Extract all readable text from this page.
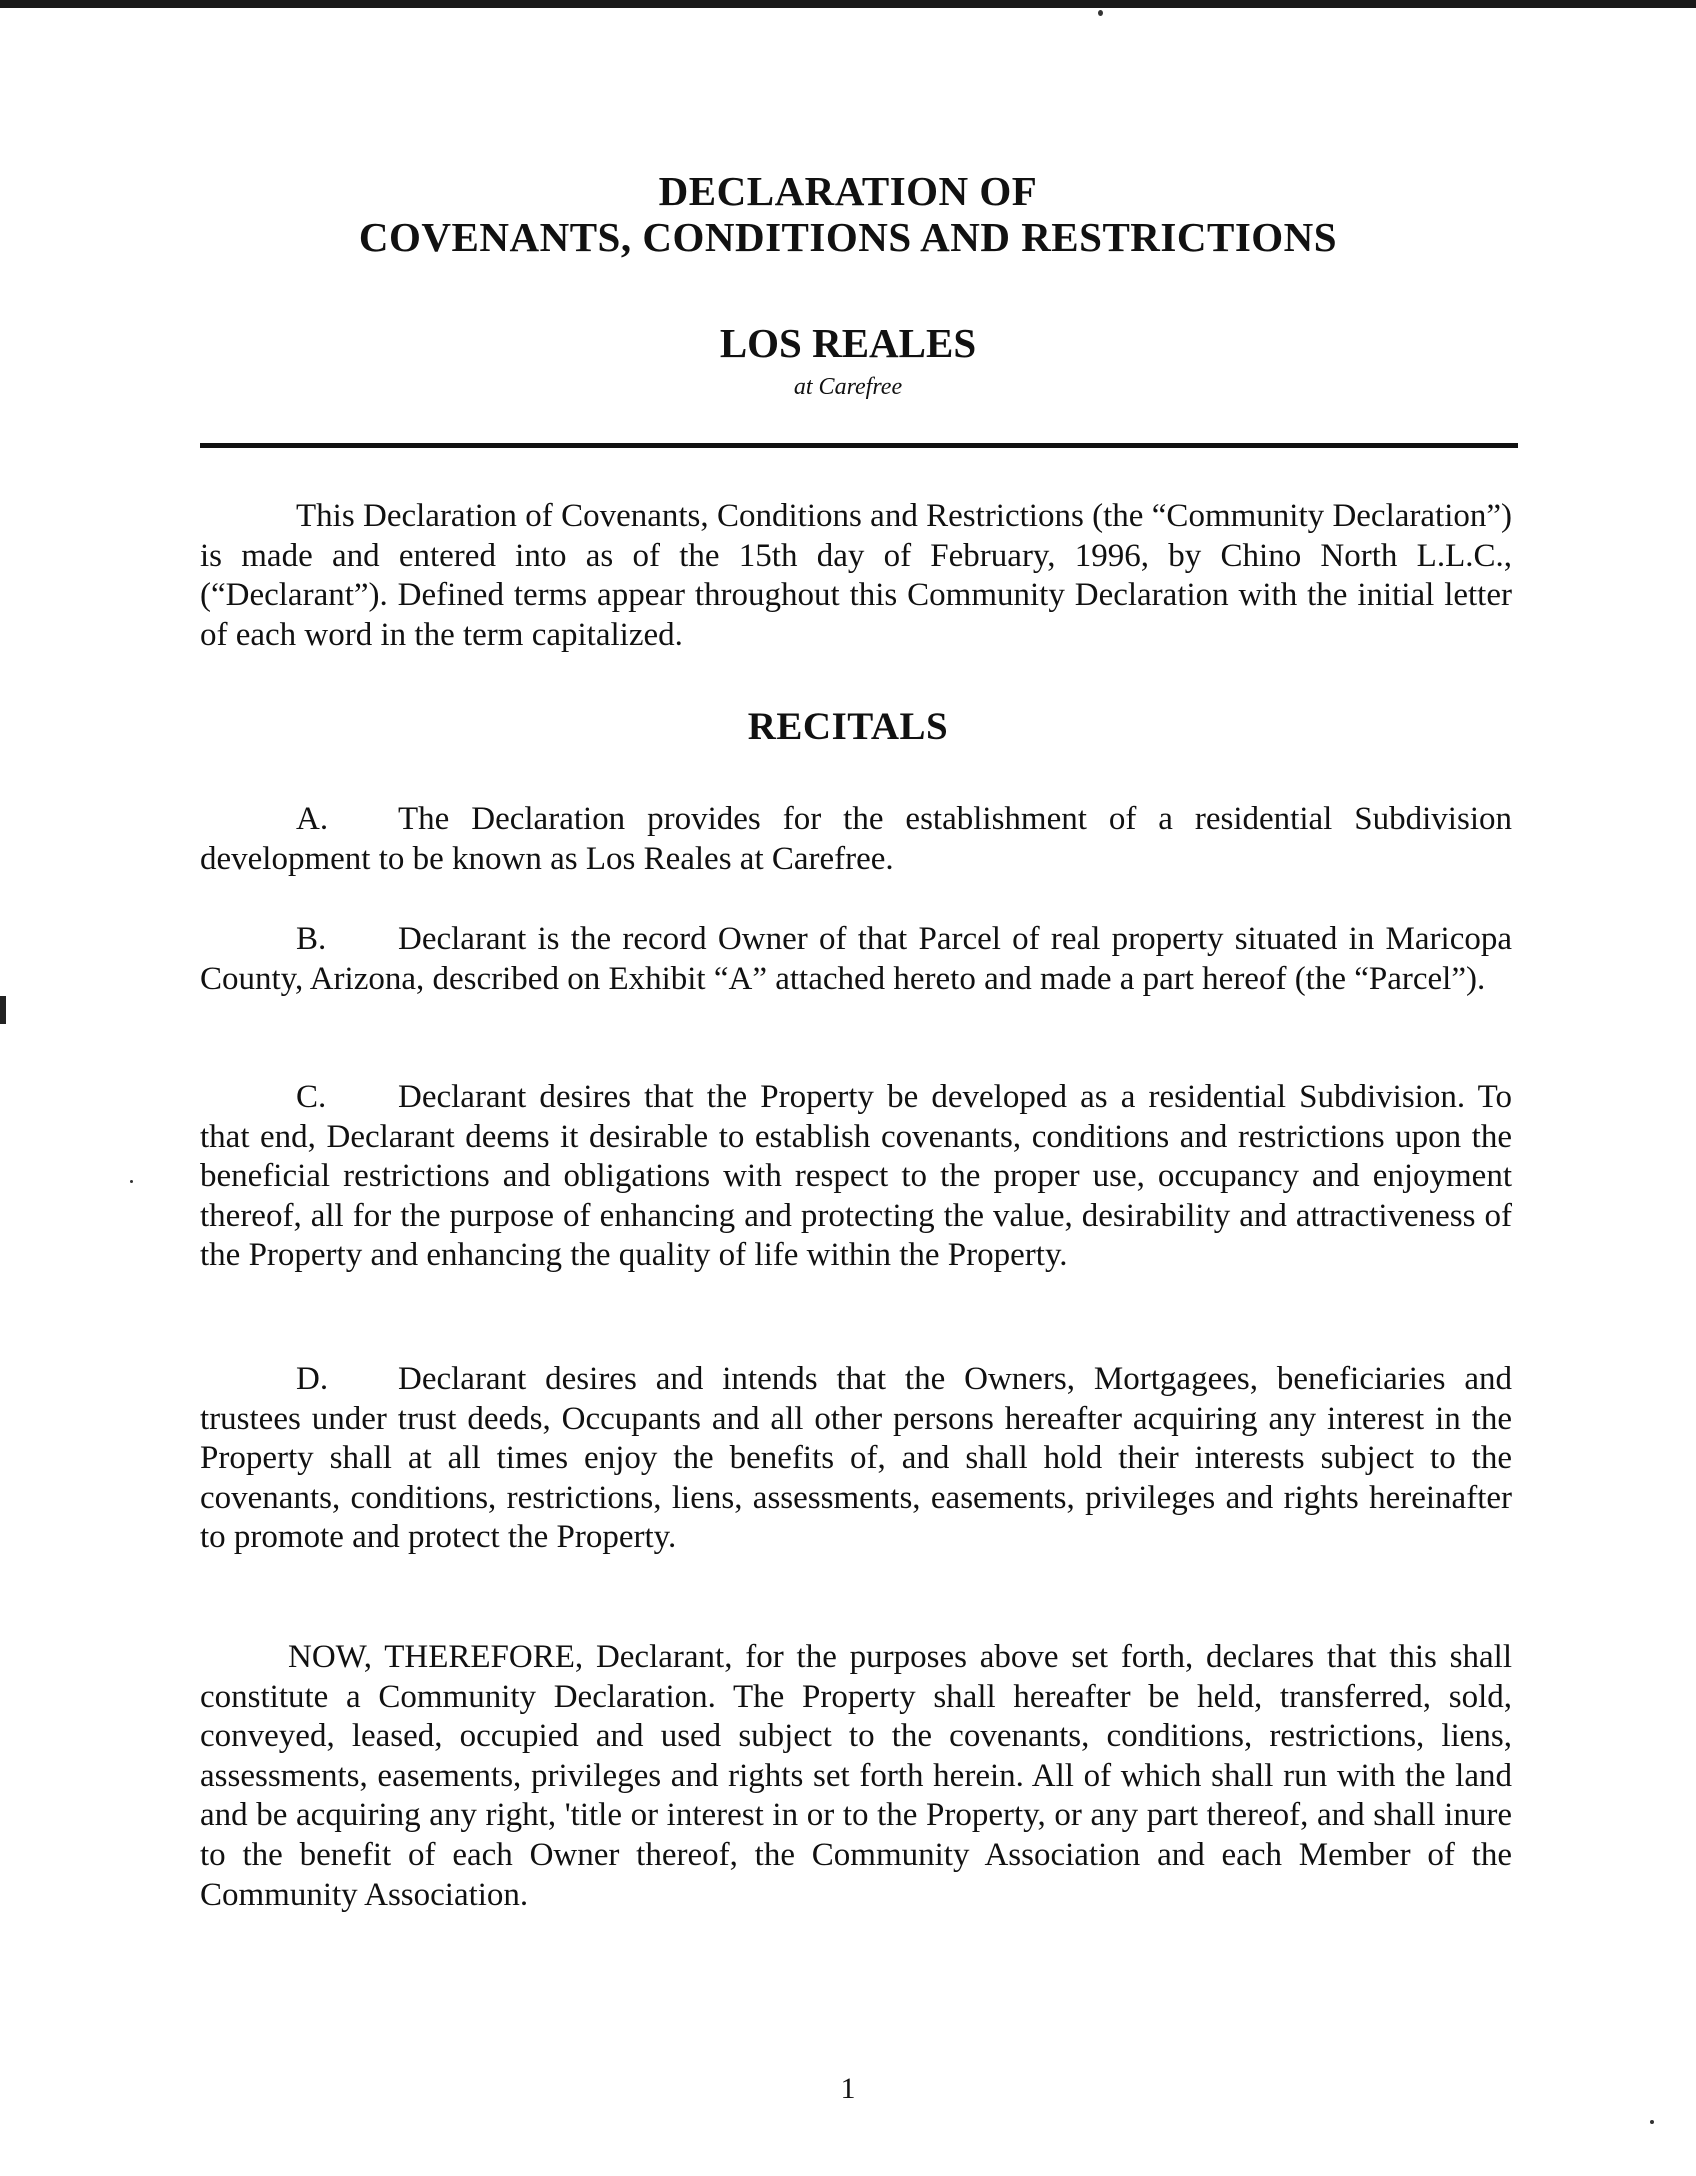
DECLARATION OF
COVENANTS, CONDITIONS AND RESTRICTIONS
LOS REALES
at Carefree

This Declaration of Covenants, Conditions and Restrictions (the “Community Declaration”) is made and entered into as of the 15th day of February, 1996, by Chino North L.L.C., (“Declarant”). Defined terms appear throughout this Community Declaration with the initial letter of each word in the term capitalized.

RECITALS

A. The Declaration provides for the establishment of a residential Subdivision development to be known as Los Reales at Carefree.

B. Declarant is the record Owner of that Parcel of real property situated in Maricopa County, Arizona, described on Exhibit “A” attached hereto and made a part hereof (the “Parcel”).

C. Declarant desires that the Property be developed as a residential Subdivision. To that end, Declarant deems it desirable to establish covenants, conditions and restrictions upon the beneficial restrictions and obligations with respect to the proper use, occupancy and enjoyment thereof, all for the purpose of enhancing and protecting the value, desirability and attractiveness of the Property and enhancing the quality of life within the Property.

D. Declarant desires and intends that the Owners, Mortgagees, beneficiaries and trustees under trust deeds, Occupants and all other persons hereafter acquiring any interest in the Property shall at all times enjoy the benefits of, and shall hold their interests subject to the covenants, conditions, restrictions, liens, assessments, easements, privileges and rights hereinafter to promote and protect the Property.

NOW, THEREFORE, Declarant, for the purposes above set forth, declares that this shall constitute a Community Declaration. The Property shall hereafter be held, transferred, sold, conveyed, leased, occupied and used subject to the covenants, conditions, restrictions, liens, assessments, easements, privileges and rights set forth herein. All of which shall run with the land and be acquiring any right, 'title or interest in or to the Property, or any part thereof, and shall inure to the benefit of each Owner thereof, the Community Association and each Member of the Community Association.

1
